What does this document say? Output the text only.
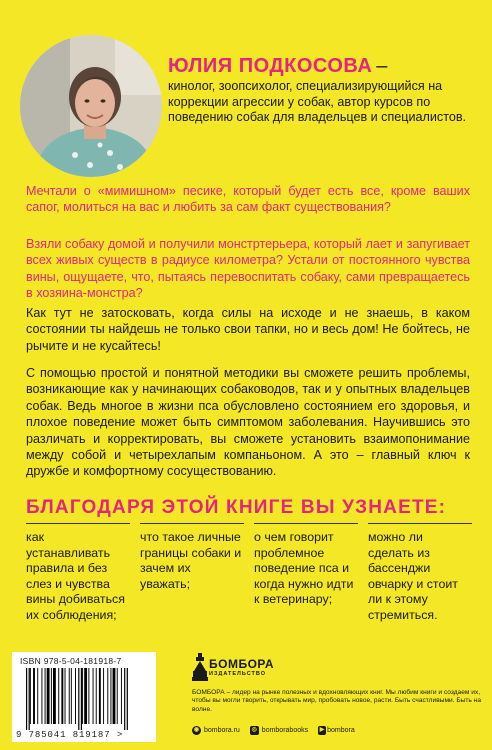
ЮЛИЯ ПОДКОСОВА –
кинолог, зоопсихолог, специализирующийся на коррекции агрессии у собак, автор курсов по поведению собак для владельцев и специалистов.

Мечтали о «мимишном» песике, который будет есть все, кроме ваших сапог, молиться на вас и любить за сам факт существования?

Взяли собаку домой и получили монстртерьера, который лает и запугивает всех живых существ в радиусе километра? Устали от постоянного чувства вины, ощущаете, что, пытаясь перевоспитать собаку, сами превращаетесь в хозяина-монстра?

Как тут не затосковать, когда силы на исходе и не знаешь, в каком состоянии ты найдешь не только свои тапки, но и весь дом! Не бойтесь, не рычите и не кусайтесь!

С помощью простой и понятной методики вы сможете решить проблемы, возникающие как у начинающих собаководов, так и у опытных владельцев собак. Ведь многое в жизни пса обусловлено состоянием его здоровья, и плохое поведение может быть симптомом заболевания. Научившись это различать и корректировать, вы сможете установить взаимопонимание между собой и четырехлапым компаньоном. А это – главный ключ к дружбе и комфортному сосуществованию.

БЛАГОДАРЯ ЭТОЙ КНИГЕ ВЫ УЗНАЕТЕ:
как устанавливать правила и без слез и чувства вины добиваться их соблюдения;
что такое личные границы собаки и зачем их уважать;
о чем говорит проблемное поведение пса и когда нужно идти к ветеринару;
можно ли сделать из бассенджи овчарку и стоит ли к этому стремиться.
ISBN 978-5-04-181918-7
9 785041 819187 >
БОМБОРА
ИЗДАТЕЛЬСТВО
БОМБОРА – лидер на рынке полезных и вдохновляющих книг. Мы любим книги и создаем их, чтобы вы могли творить, открывать мир, пробовать новое, расти. Быть счастливыми. Быть на волне.
◉ bombora.ru	◎ bomborabooks ▶ bombora
